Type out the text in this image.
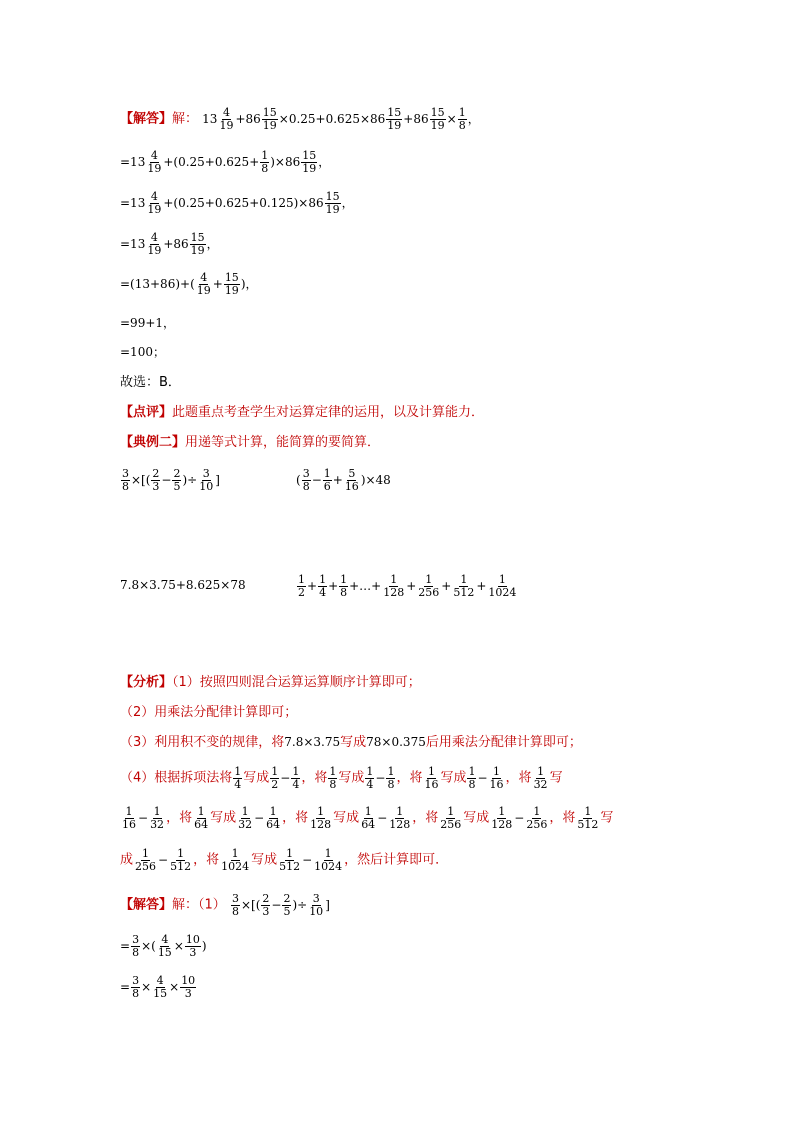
【解答】解： $13 \frac{4}{19} +86 \frac{15}{19} \times 0.25+0.625\times 86 \frac{15}{19} +86 \frac{15}{19} \times \frac{1}{8}$ ，
$=13 \frac{4}{19} +(0.25+0.625+ \frac{1}{8} )\times 86 \frac{15}{19}$ ，
$=13 \frac{4}{19} +(0.25+0.625+0.125)\times 86 \frac{15}{19}$ ，
$=13 \frac{4}{19} +86 \frac{15}{19}$ ，
$=(13+86)+( \frac{4}{19} + \frac{15}{19}$ )，
=99+1，
=100；
故选：B．
【点评】此题重点考查学生对运算定律的运用，以及计算能力．
【典例二】用递等式计算，能简算的要简算．
$\frac{3}{8}$ ×[( $\frac{2}{3} - \frac{2}{5}$ )÷ $\frac{3}{10}$ ]	( $\frac{3}{8} - \frac{1}{6} + \frac{5}{16} )\times 48$
7.8×3.75+8.625×78	$\frac{1}{2} + \frac{1}{4} + \frac{1}{8}$ +…+ $\frac{1}{128} + \frac{1}{256} + \frac{1}{512} + \frac{1}{1024}$
【分析】（1）按照四则混合运算运算顺序计算即可；
（2）用乘法分配律计算即可；
（3）利用积不变的规律，将7.8×3.75写成78×0.375后用乘法分配律计算即可；
（4）根据拆项法将 $\frac{1}{4}$ 写成 $\frac{1}{2} - \frac{1}{4}$ ，将 $\frac{1}{8}$ 写成 $\frac{1}{4} - \frac{1}{8}$ ，将 $\frac{1}{16}$ 写成 $\frac{1}{8} - \frac{1}{16}$ ，将 $\frac{1}{32}$ 写
$\frac{1}{16} - \frac{1}{32}$ ，将 $\frac{1}{64}$ 写成 $\frac{1}{32} - \frac{1}{64}$ ，将 $\frac{1}{128}$ 写成 $\frac{1}{64} - \frac{1}{128}$ ，将 $\frac{1}{256}$ 写成 $\frac{1}{128} - \frac{1}{256}$ ，将 $\frac{1}{512}$ 写
成 $\frac{1}{256} - \frac{1}{512}$ ，将 $\frac{1}{1024}$ 写成 $\frac{1}{512} - \frac{1}{1024}$ ，然后计算即可．
【解答】解：$(1) \frac{3}{8}$ ×[( $\frac{2}{3} - \frac{2}{5}$ )÷ $\frac{3}{10}$ ]
= $\frac{3}{8}$ ×( $\frac{4}{15} \times \frac{10}{3}$ )
= $\frac{3}{8} \times \frac{4}{15} \times \frac{10}{3}$
